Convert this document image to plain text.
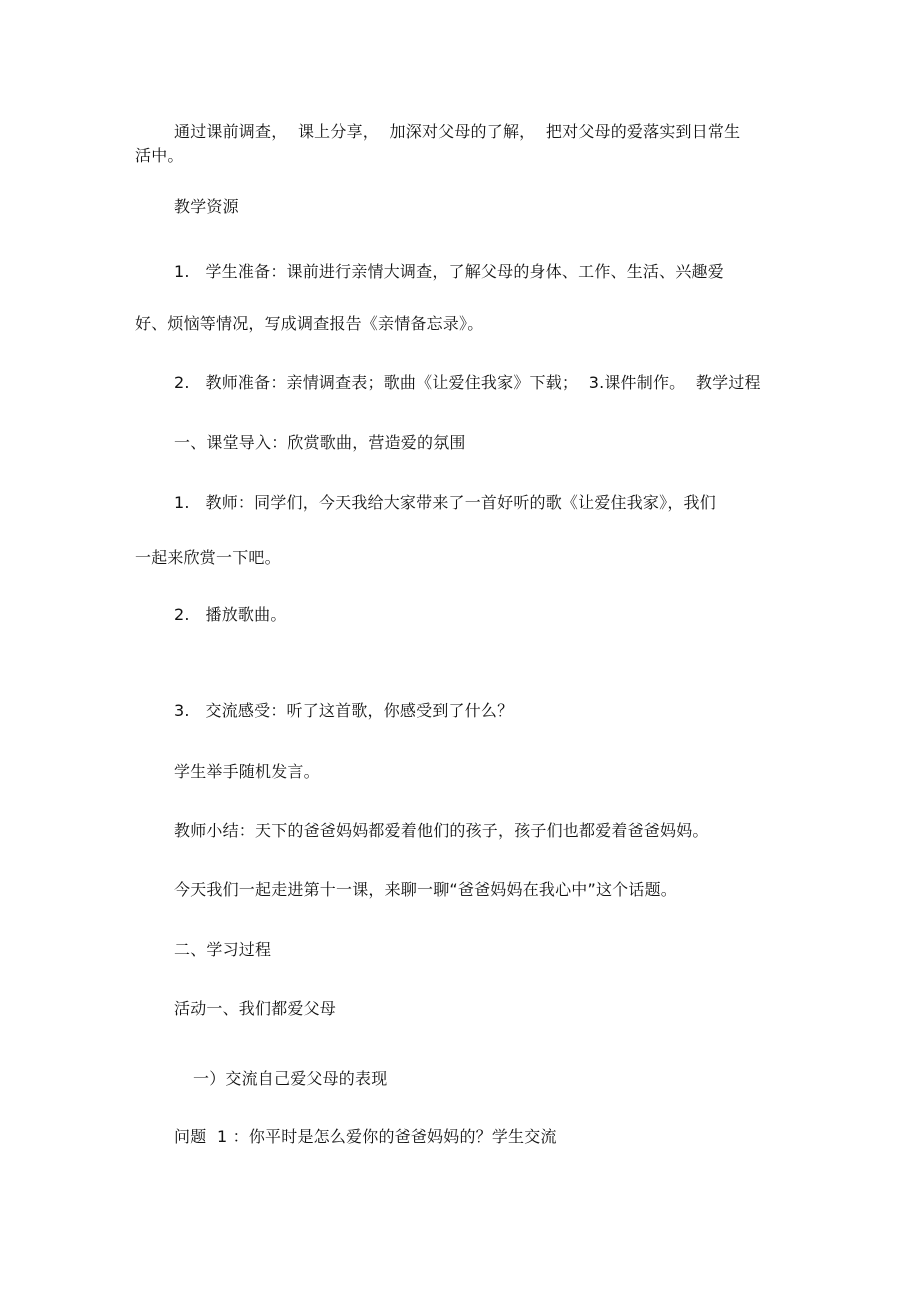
通过课前调查，  课上分享，  加深对父母的了解，  把对父母的爱落实到日常生
活中。
教学资源
1.   学生准备：课前进行亲情大调查，了解父母的身体、工作、生活、兴趣爱
好、烦恼等情况，写成调查报告《亲情备忘录》。
2.   教师准备：亲情调查表；歌曲《让爱住我家》下载；  3.课件制作。  教学过程
一、课堂导入：欣赏歌曲，营造爱的氛围
1.   教师：同学们，今天我给大家带来了一首好听的歌《让爱住我家》，我们
一起来欣赏一下吧。
2.   播放歌曲。
3.   交流感受：听了这首歌，你感受到了什么？
学生举手随机发言。
教师小结：天下的爸爸妈妈都爱着他们的孩子，孩子们也都爱着爸爸妈妈。
今天我们一起走进第十一课，来聊一聊“爸爸妈妈在我心中”这个话题。
二、学习过程
活动一、我们都爱父母
一）交流自己爱父母的表现
问题  1 ：你平时是怎么爱你的爸爸妈妈的？学生交流
